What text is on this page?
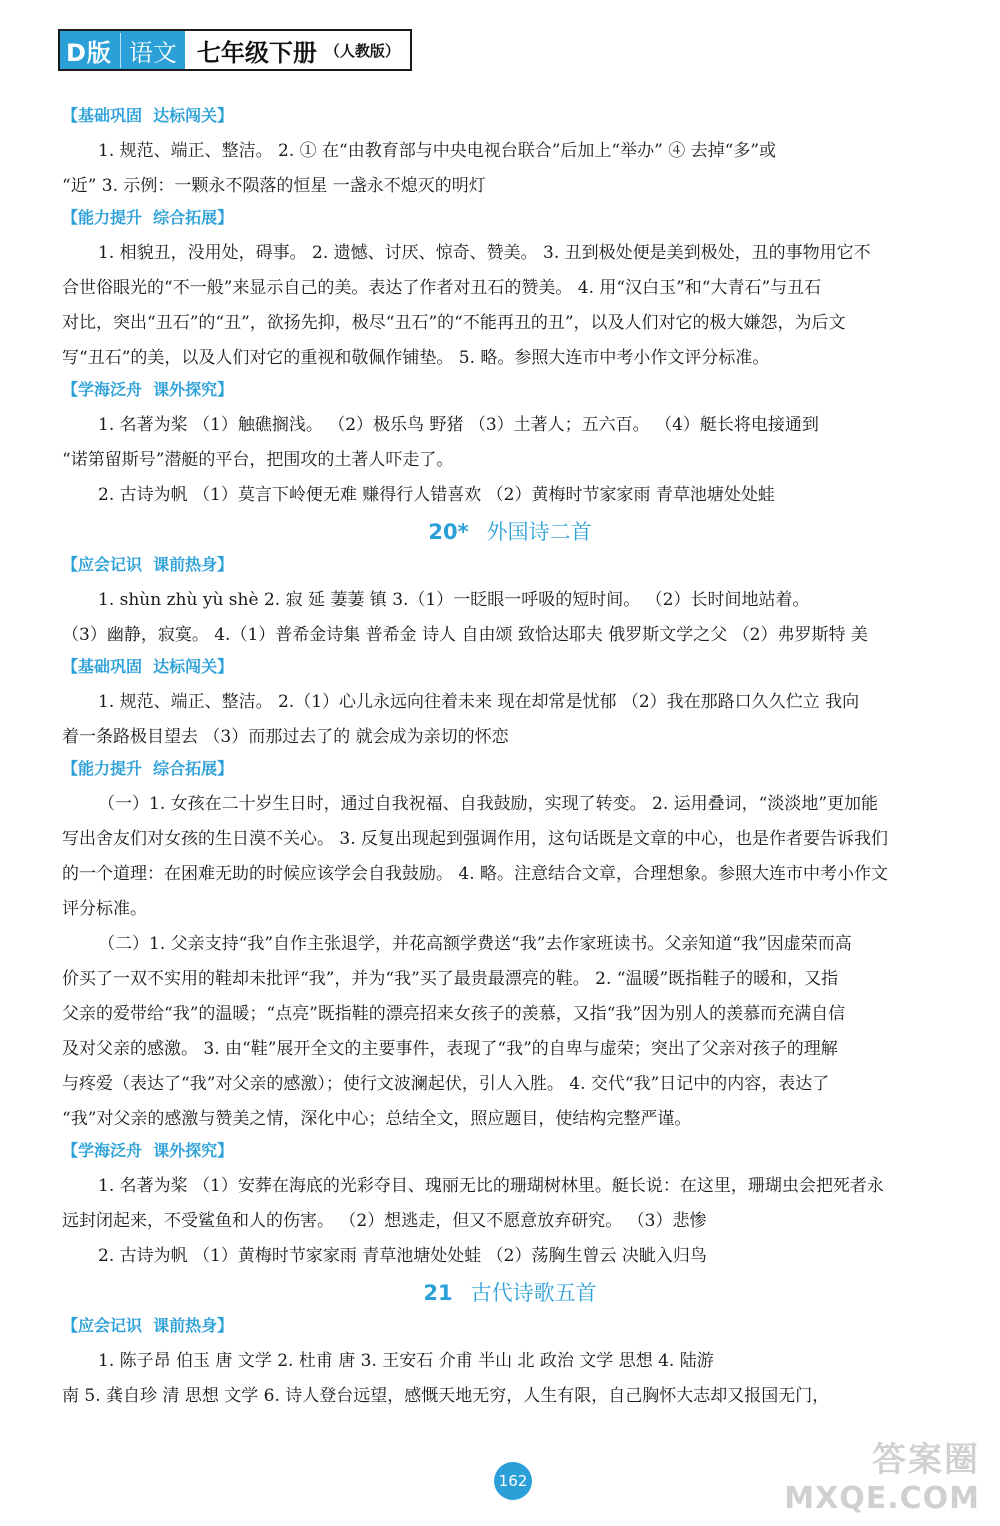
D版 语文 七年级下册 （人教版）
【基础巩固  达标闯关】
1. 规范、端正、整洁。 2. ① 在“由教育部与中央电视台联合”后加上“举办” ④ 去掉“多”或
“近” 3. 示例：一颗永不陨落的恒星 一盏永不熄灭的明灯
【能力提升  综合拓展】
1. 相貌丑，没用处，碍事。 2. 遗憾、讨厌、惊奇、赞美。 3. 丑到极处便是美到极处，丑的事物用它不
合世俗眼光的“不一般”来显示自己的美。表达了作者对丑石的赞美。 4. 用“汉白玉”和“大青石”与丑石
对比，突出“丑石”的“丑”，欲扬先抑，极尽“丑石”的“不能再丑的丑”，以及人们对它的极大嫌怨，为后文
写“丑石”的美，以及人们对它的重视和敬佩作铺垫。 5. 略。参照大连市中考小作文评分标准。
【学海泛舟  课外探究】
1. 名著为桨 （1）触礁搁浅。 （2）极乐鸟 野猪 （3）土著人；五六百。 （4）艇长将电接通到
“诺第留斯号”潜艇的平台，把围攻的土著人吓走了。
2. 古诗为帆 （1）莫言下岭便无难 赚得行人错喜欢 （2）黄梅时节家家雨 青草池塘处处蛙
20* 外国诗二首
【应会记识  课前热身】
1. shùn zhù yù shè 2. 寂 延 萋萋 镇 3.（1）一眨眼一呼吸的短时间。 （2）长时间地站着。
（3）幽静，寂寞。 4.（1）普希金诗集 普希金 诗人 自由颂 致恰达耶夫 俄罗斯文学之父 （2）弗罗斯特 美
【基础巩固  达标闯关】
1. 规范、端正、整洁。 2.（1）心儿永远向往着未来 现在却常是忧郁 （2）我在那路口久久伫立 我向
着一条路极目望去 （3）而那过去了的 就会成为亲切的怀恋
【能力提升  综合拓展】
（一）1. 女孩在二十岁生日时，通过自我祝福、自我鼓励，实现了转变。 2. 运用叠词，“淡淡地”更加能
写出舍友们对女孩的生日漠不关心。 3. 反复出现起到强调作用，这句话既是文章的中心，也是作者要告诉我们
的一个道理：在困难无助的时候应该学会自我鼓励。 4. 略。注意结合文章，合理想象。参照大连市中考小作文
评分标准。
（二）1. 父亲支持“我”自作主张退学，并花高额学费送“我”去作家班读书。父亲知道“我”因虚荣而高
价买了一双不实用的鞋却未批评“我”，并为“我”买了最贵最漂亮的鞋。 2. “温暖”既指鞋子的暖和，又指
父亲的爱带给“我”的温暖；“点亮”既指鞋的漂亮招来女孩子的羡慕，又指“我”因为别人的羡慕而充满自信
及对父亲的感激。 3. 由“鞋”展开全文的主要事件，表现了“我”的自卑与虚荣；突出了父亲对孩子的理解
与疼爱（表达了“我”对父亲的感激）；使行文波澜起伏，引人入胜。 4. 交代“我”日记中的内容，表达了
“我”对父亲的感激与赞美之情，深化中心；总结全文，照应题目，使结构完整严谨。
【学海泛舟  课外探究】
1. 名著为桨 （1）安葬在海底的光彩夺目、瑰丽无比的珊瑚树林里。艇长说：在这里，珊瑚虫会把死者永
远封闭起来，不受鲨鱼和人的伤害。 （2）想逃走，但又不愿意放弃研究。 （3）悲惨
2. 古诗为帆 （1）黄梅时节家家雨 青草池塘处处蛙 （2）荡胸生曾云 决眦入归鸟
21 古代诗歌五首
【应会记识  课前热身】
1. 陈子昂 伯玉 唐 文学 2. 杜甫 唐 3. 王安石 介甫 半山 北 政治 文学 思想 4. 陆游
南 5. 龚自珍 清 思想 文学 6. 诗人登台远望，感慨天地无穷，人生有限，自己胸怀大志却又报国无门，
162
答案圈
MXQE.COM
